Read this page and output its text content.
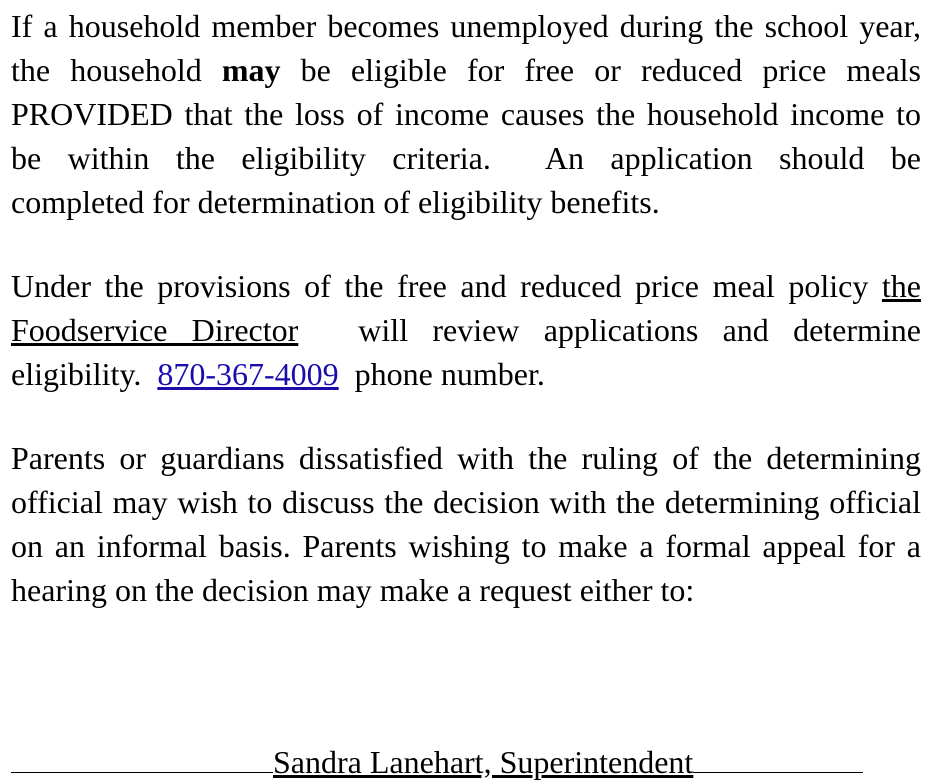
If a household member becomes unemployed during the school year, the household may be eligible for free or reduced price meals PROVIDED that the loss of income causes the household income to be within the eligibility criteria. An application should be completed for determination of eligibility benefits.

Under the provisions of the free and reduced price meal policy the Foodservice Director will review applications and determine eligibility. 870-367-4009 phone number.

Parents or guardians dissatisfied with the ruling of the determining official may wish to discuss the decision with the determining official on an informal basis. Parents wishing to make a formal appeal for a hearing on the decision may make a request either to:

Sandra Lanehart, Superintendent
